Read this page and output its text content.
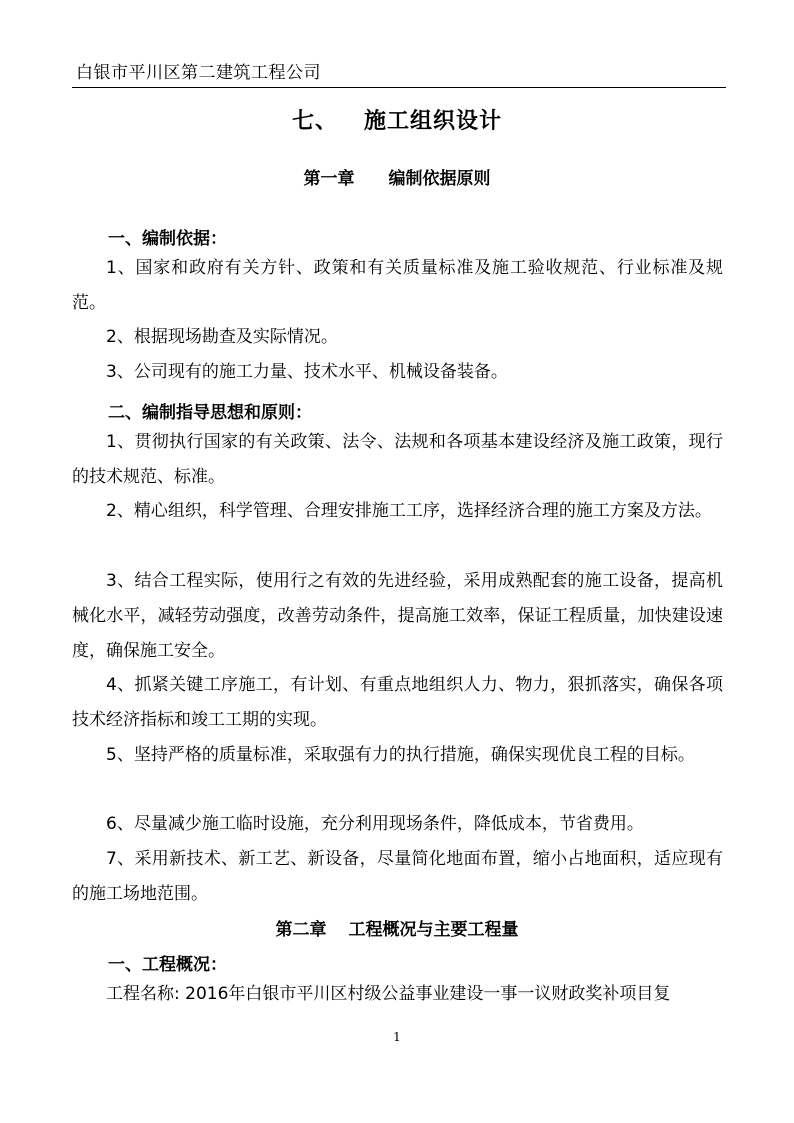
白银市平川区第二建筑工程公司
七、 施工组织设计
第一章 编制依据原则
一、编制依据：
1、国家和政府有关方针、政策和有关质量标准及施工验收规范、行业标准及规范。
2、根据现场勘查及实际情况。
3、公司现有的施工力量、技术水平、机械设备装备。
二、编制指导思想和原则：
1、贯彻执行国家的有关政策、法令、法规和各项基本建设经济及施工政策，现行的技术规范、标准。
2、精心组织，科学管理、合理安排施工工序，选择经济合理的施工方案及方法。
3、结合工程实际，使用行之有效的先进经验，采用成熟配套的施工设备，提高机械化水平，减轻劳动强度，改善劳动条件，提高施工效率，保证工程质量，加快建设速度，确保施工安全。
4、抓紧关键工序施工，有计划、有重点地组织人力、物力，狠抓落实，确保各项技术经济指标和竣工工期的实现。
5、坚持严格的质量标准，采取强有力的执行措施，确保实现优良工程的目标。
6、尽量减少施工临时设施，充分利用现场条件，降低成本，节省费用。
7、采用新技术、新工艺、新设备，尽量简化地面布置，缩小占地面积，适应现有的施工场地范围。
第二章 工程概况与主要工程量
一、工程概况：
工程名称: 2016年白银市平川区村级公益事业建设一事一议财政奖补项目复
1
